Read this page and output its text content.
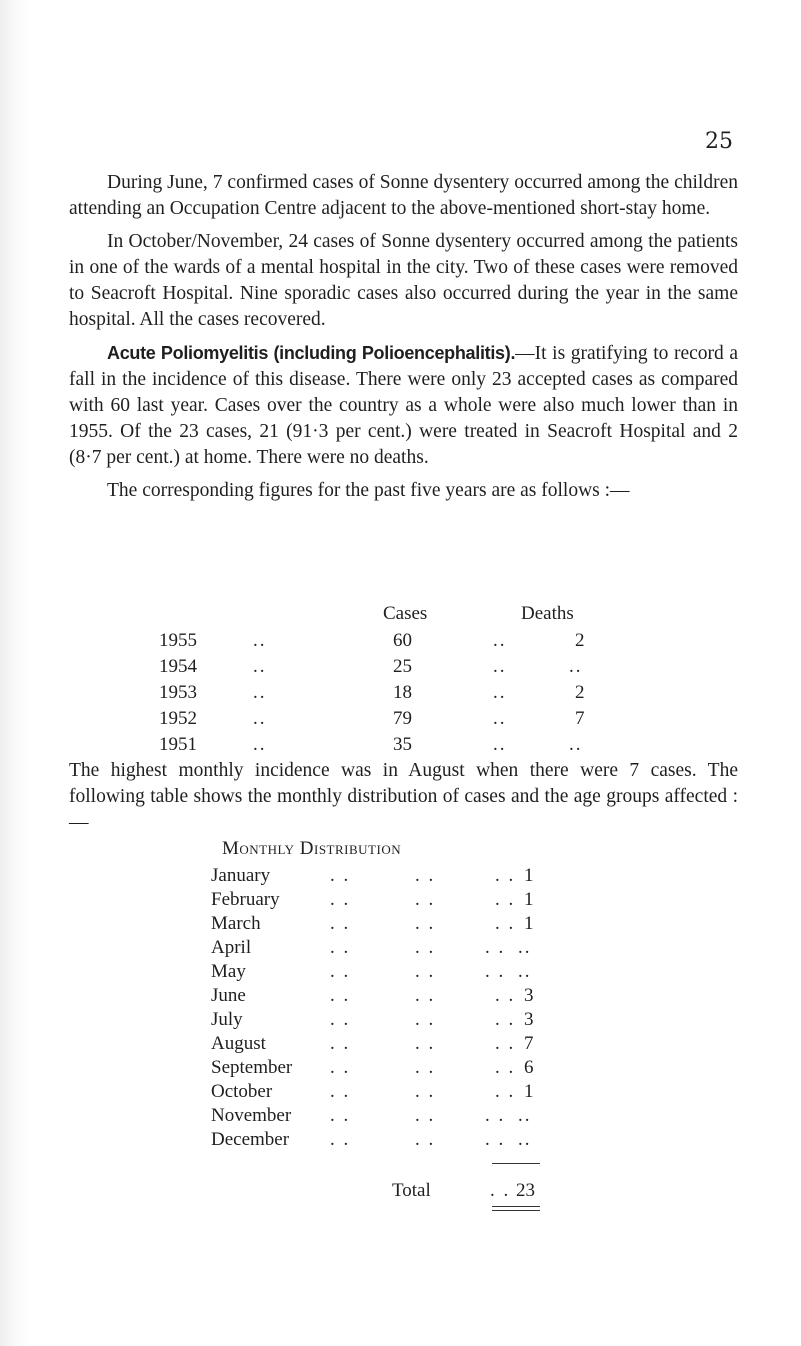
25

During June, 7 confirmed cases of Sonne dysentery occurred among the children attending an Occupation Centre adjacent to the above-mentioned short-stay home.

In October/November, 24 cases of Sonne dysentery occurred among the patients in one of the wards of a mental hospital in the city. Two of these cases were removed to Seacroft Hospital. Nine sporadic cases also occurred during the year in the same hospital. All the cases recovered.

Acute Poliomyelitis (including Polioencephalitis).—It is gratifying to record a fall in the incidence of this disease. There were only 23 accepted cases as compared with 60 last year. Cases over the country as a whole were also much lower than in 1955. Of the 23 cases, 21 (91·3 per cent.) were treated in Seacroft Hospital and 2 (8·7 per cent.) at home. There were no deaths.

The corresponding figures for the past five years are as follows :—

Cases	Deaths
1955	..	60	..	2
1954	..	25	..	..
1953	..	18	..	2
1952	..	79	..	7
1951	..	35	..	..

The highest monthly incidence was in August when there were 7 cases. The following table shows the monthly distribution of cases and the age groups affected :—

Monthly Distribution
January	. .	. .	. . 1
February	. .	. .	. . 1
March	. .	. .	. . 1
April	. .	. .	. . ..
May	. .	. .	. . ..
June	. .	. .	. . 3
July	. .	. .	. . 3
August	. .	. .	. . 7
September . .	. .	. . 6
October	. .	. .	. . 1
November . .	. .	. . ..
December . .	. .	. . ..
Total	. . 23
